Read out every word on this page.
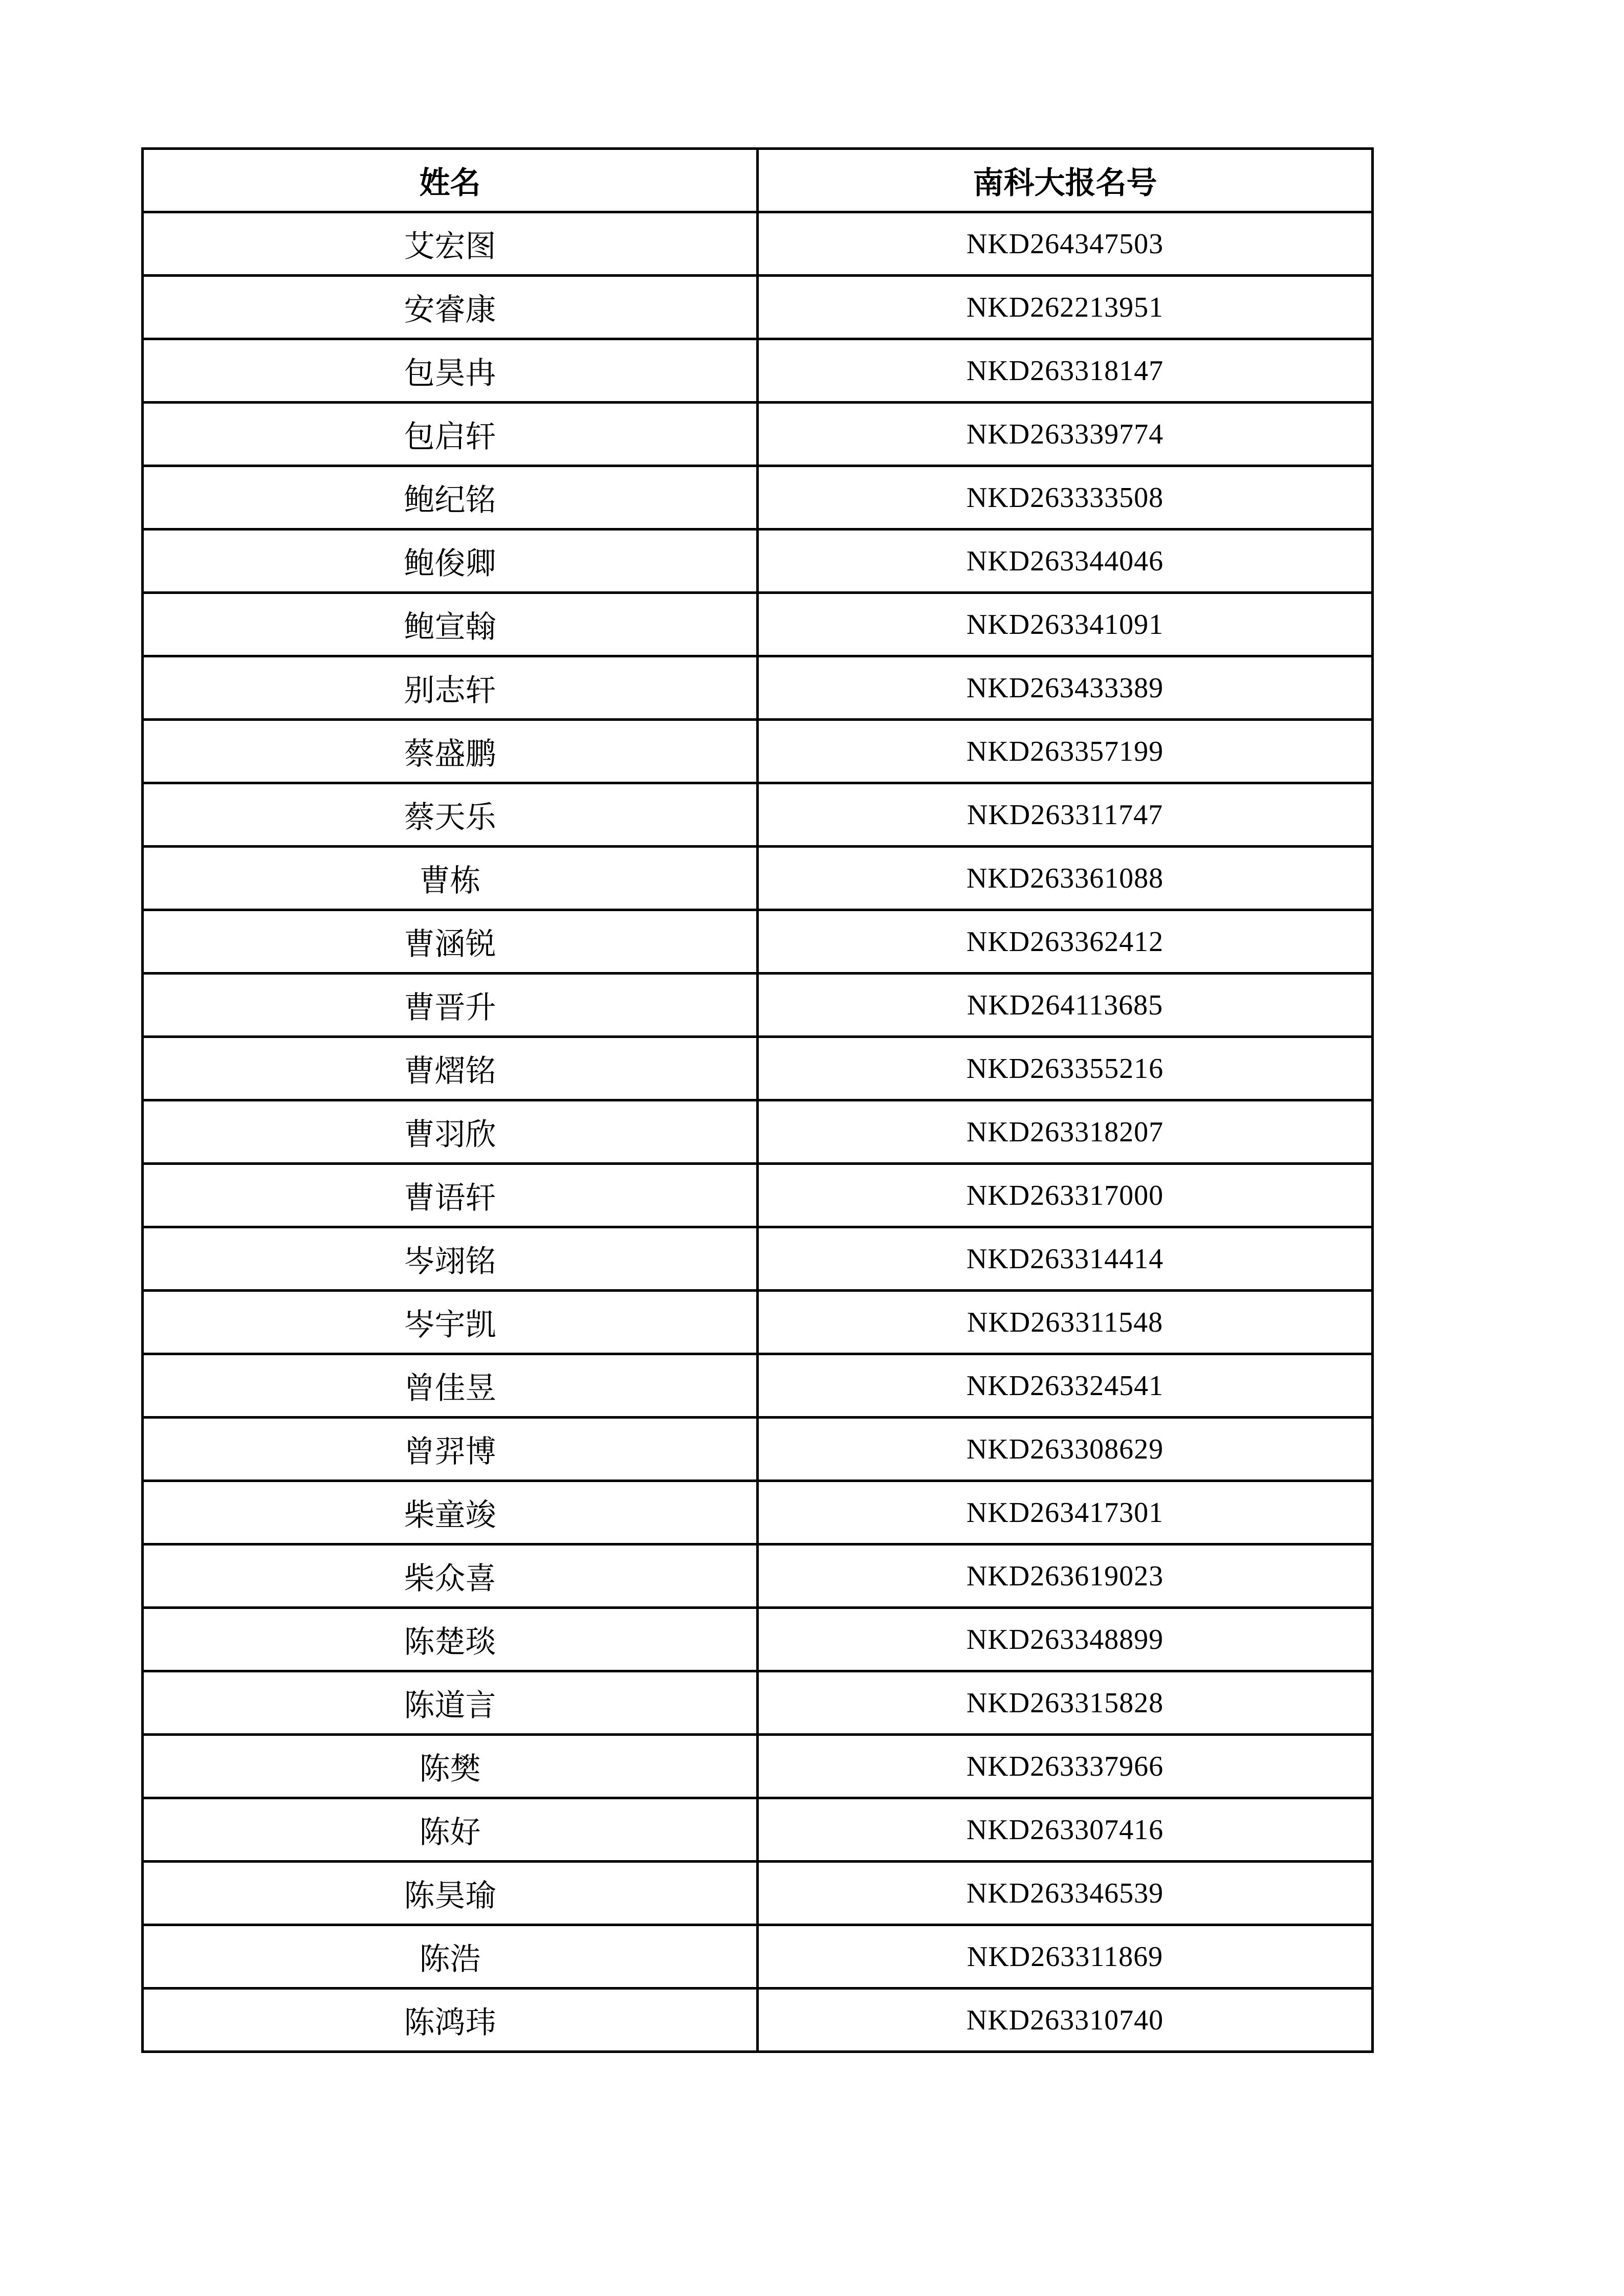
姓名	南科大报名号
艾宏图	NKD264347503
安睿康	NKD262213951
包昊冉	NKD263318147
包启轩	NKD263339774
鲍纪铭	NKD263333508
鲍俊卿	NKD263344046
鲍宣翰	NKD263341091
别志轩	NKD263433389
蔡盛鹏	NKD263357199
蔡天乐	NKD263311747
曹栋	NKD263361088
曹涵锐	NKD263362412
曹晋升	NKD264113685
曹熠铭	NKD263355216
曹羽欣	NKD263318207
曹语轩	NKD263317000
岑翊铭	NKD263314414
岑宇凯	NKD263311548
曾佳昱	NKD263324541
曾羿博	NKD263308629
柴童竣	NKD263417301
柴众喜	NKD263619023
陈楚琰	NKD263348899
陈道言	NKD263315828
陈樊	NKD263337966
陈好	NKD263307416
陈昊瑜	NKD263346539
陈浩	NKD263311869
陈鸿玮	NKD263310740
